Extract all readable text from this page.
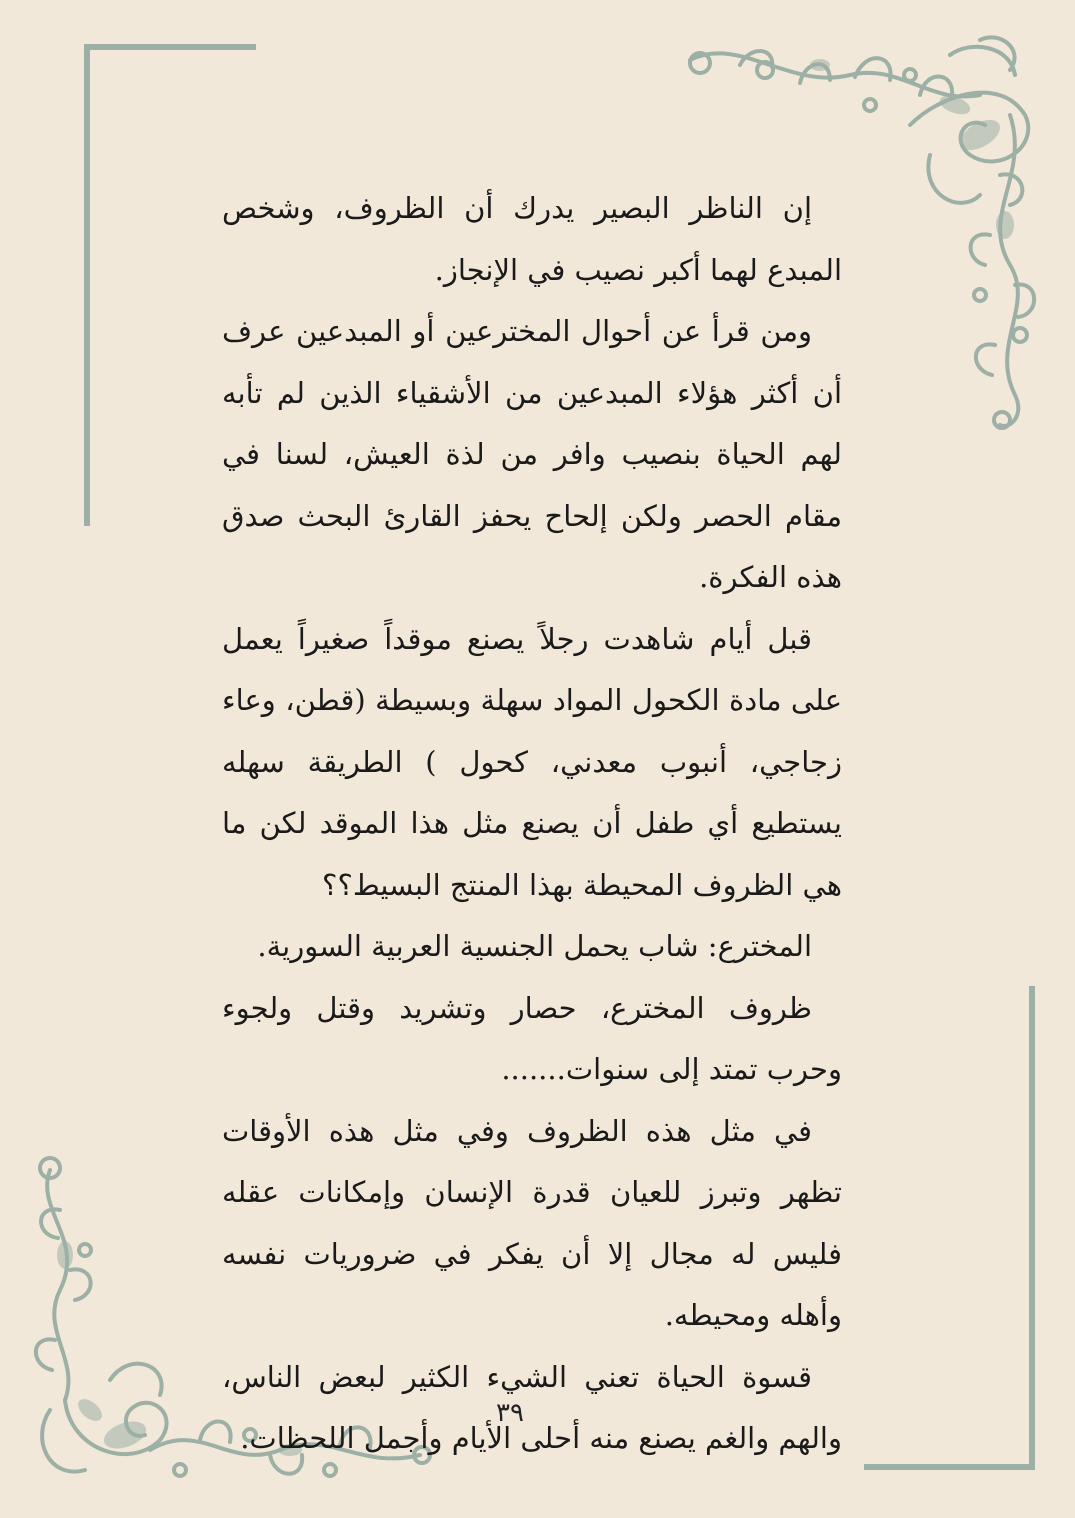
إن الناظر البصير يدرك أن الظروف، وشخص المبدع لهما أكبر نصيب في الإنجاز.

ومن قرأ عن أحوال المخترعين أو المبدعين عرف أن أكثر هؤلاء المبدعين من الأشقياء الذين لم تأبه لهم الحياة بنصيب وافر من لذة العيش، لسنا في مقام الحصر ولكن إلحاح يحفز القارئ البحث صدق هذه الفكرة.

قبل أيام شاهدت رجلاً يصنع موقداً صغيراً يعمل على مادة الكحول المواد سهلة وبسيطة (قطن، وعاء زجاجي، أنبوب معدني، كحول ) الطريقة سهله يستطيع أي طفل أن يصنع مثل هذا الموقد لكن ما هي الظروف المحيطة بهذا المنتج البسيط؟؟

المخترع: شاب يحمل الجنسية العربية السورية.

ظروف المخترع، حصار وتشريد وقتل ولجوء وحرب تمتد إلى سنوات.......

في مثل هذه الظروف وفي مثل هذه الأوقات تظهر وتبرز للعيان قدرة الإنسان وإمكانات عقله فليس له مجال إلا أن يفكر في ضروريات نفسه وأهله ومحيطه.

قسوة الحياة تعني الشيء الكثير لبعض الناس، والهم والغم يصنع منه أحلى الأيام وأجمل اللحظات.

٣٩
